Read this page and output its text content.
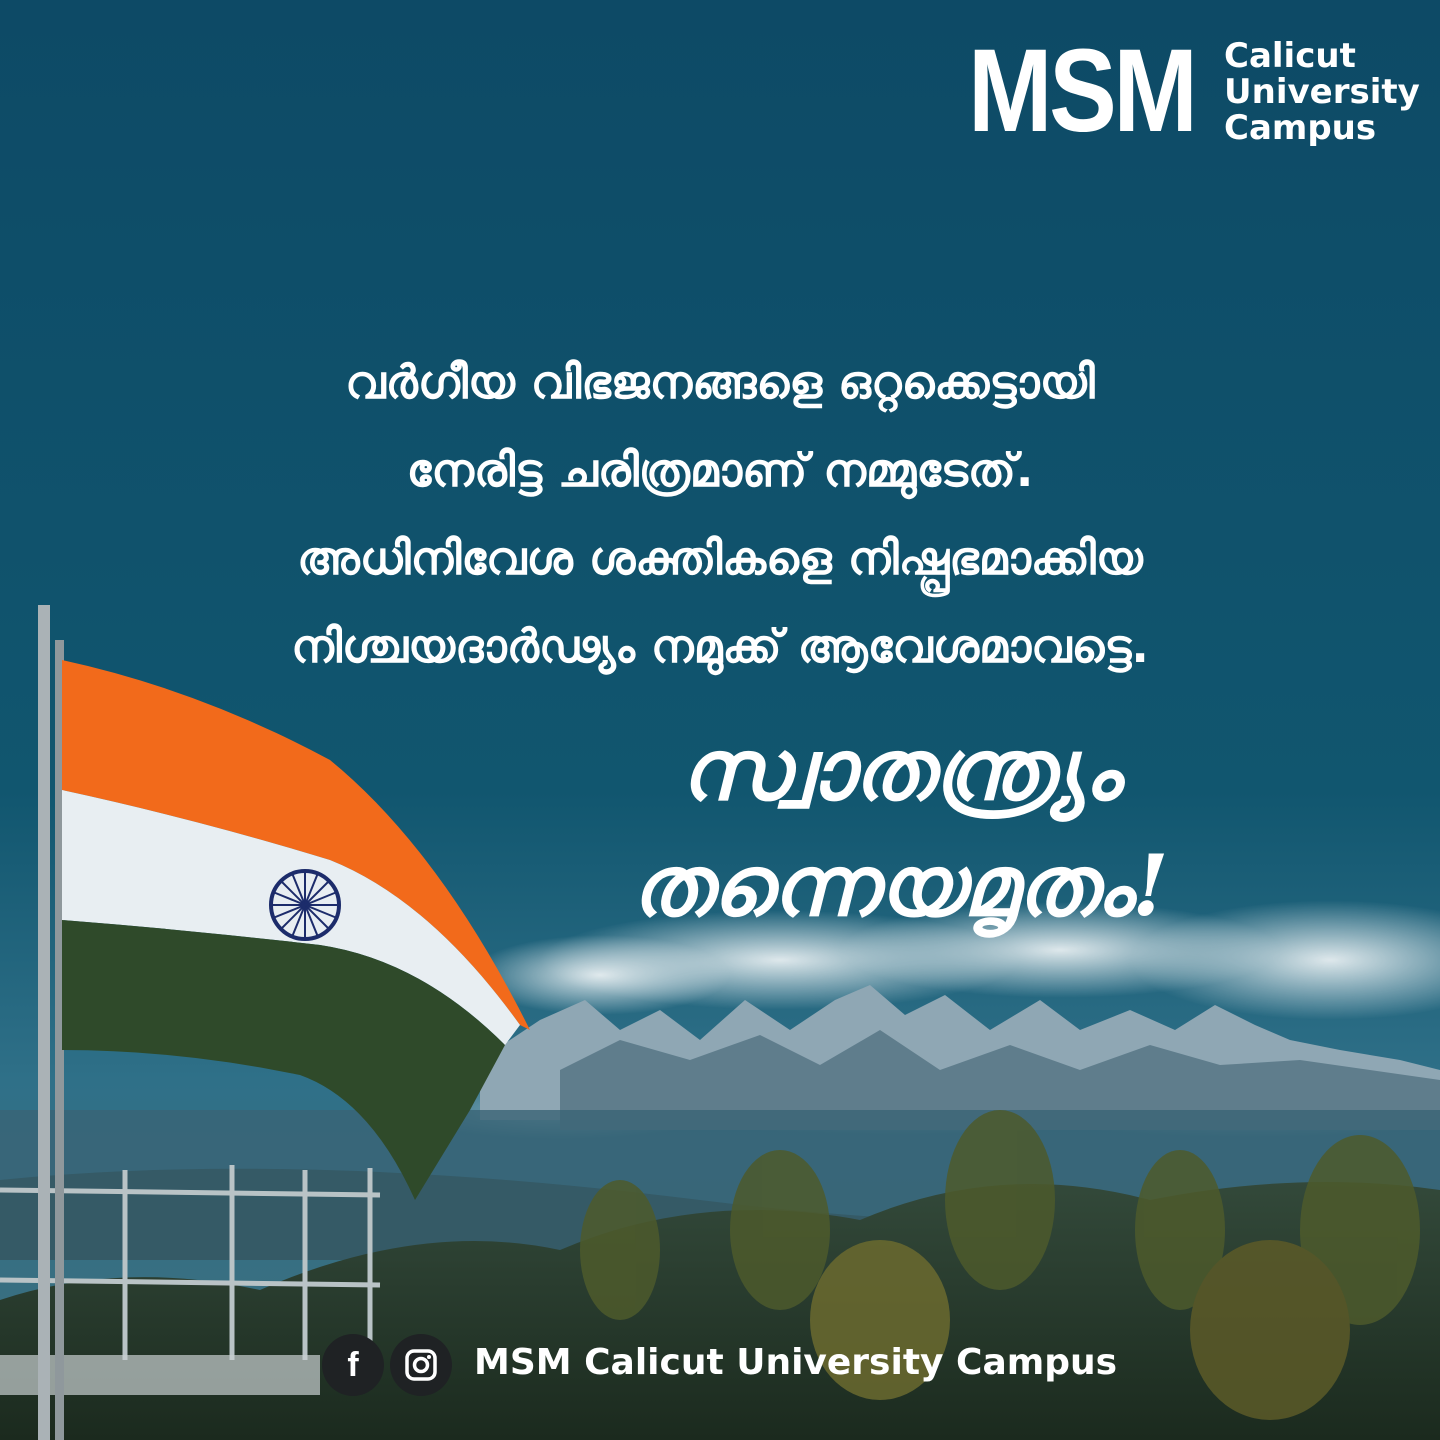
MSM Calicut
University
Campus
വർഗീയ വിഭജനങ്ങളെ ഒറ്റക്കെട്ടായി
നേരിട്ട ചരിത്രമാണ് നമ്മുടേത്.
അധിനിവേശ ശക്തികളെ നിഷ്പ്രഭമാക്കിയ
നിശ്ചയദാർഢ്യം നമുക്ക് ആവേശമാവട്ടെ.
സ്വാതന്ത്ര്യം
തന്നെയമൃതം!
f	MSM Calicut University Campus
